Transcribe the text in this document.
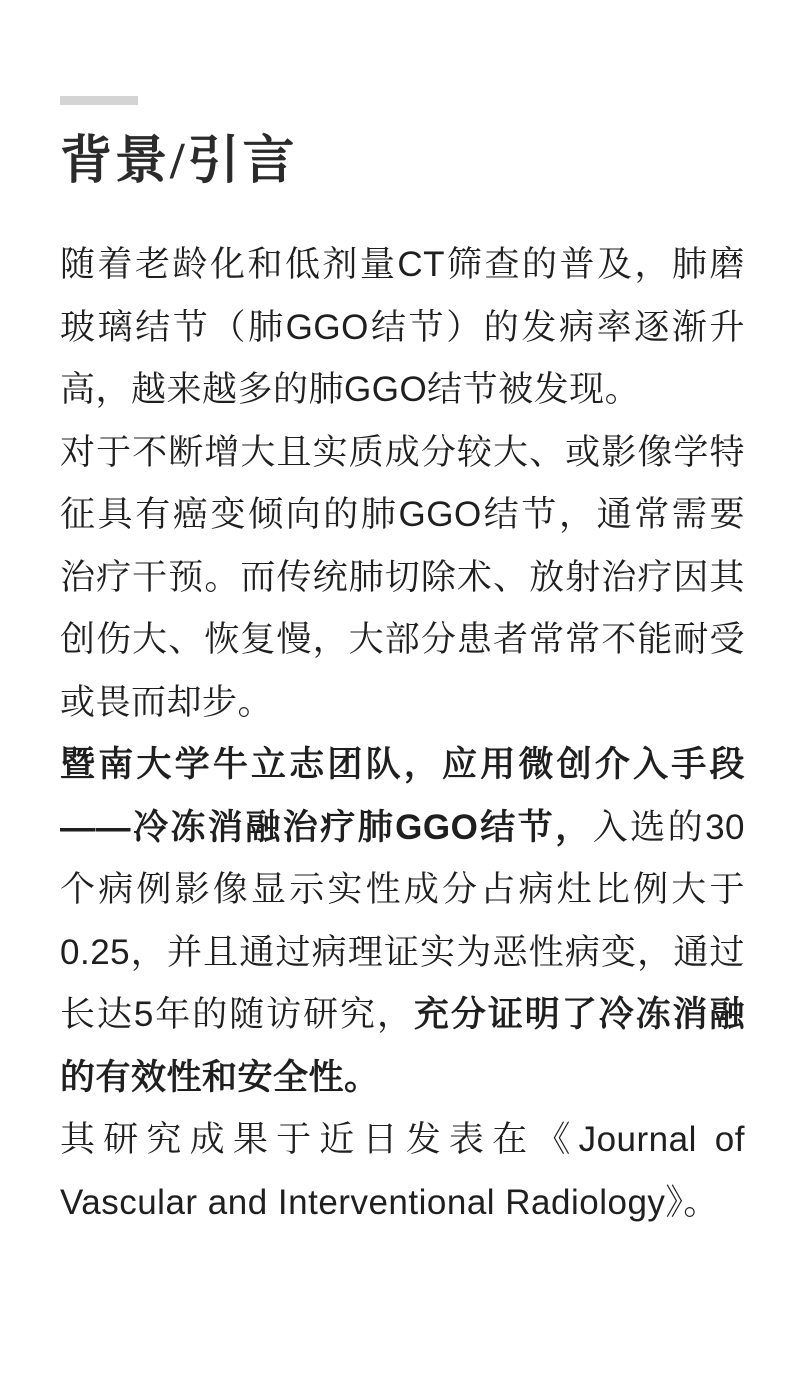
背景/引言

随着老龄化和低剂量CT筛查的普及，肺磨玻璃结节（肺GGO结节）的发病率逐渐升高，越来越多的肺GGO结节被发现。

对于不断增大且实质成分较大、或影像学特征具有癌变倾向的肺GGO结节，通常需要治疗干预。而传统肺切除术、放射治疗因其创伤大、恢复慢，大部分患者常常不能耐受或畏而却步。

暨南大学牛立志团队，应用微创介入手段——冷冻消融治疗肺GGO结节，入选的30个病例影像显示实性成分占病灶比例大于0.25，并且通过病理证实为恶性病变，通过长达5年的随访研究，充分证明了冷冻消融的有效性和安全性。

其研究成果于近日发表在《Journal of Vascular and Interventional Radiology》。
